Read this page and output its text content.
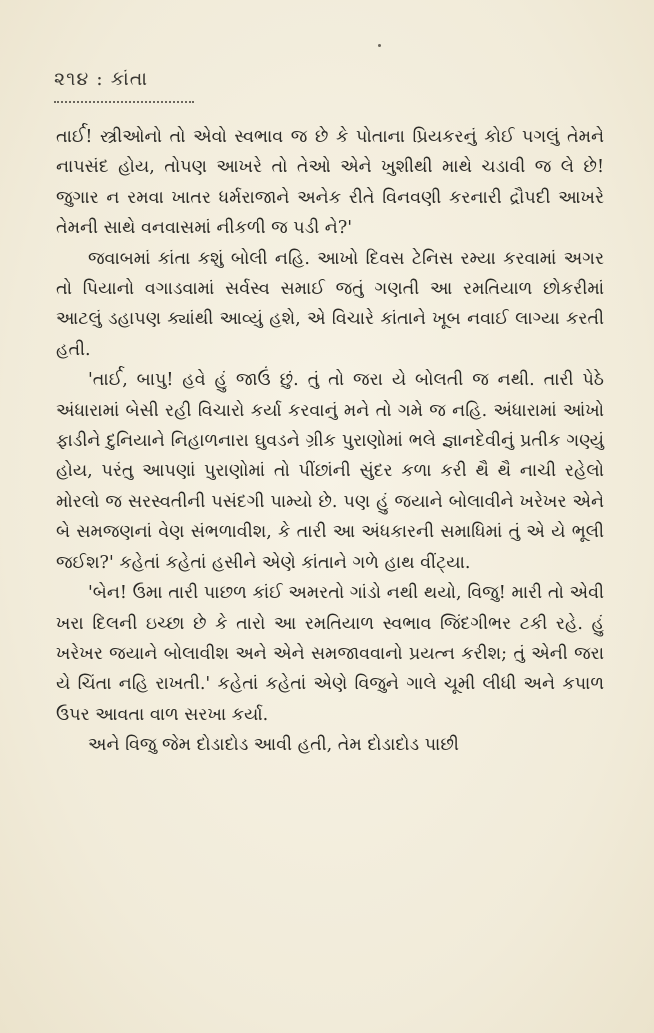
૨૧૪ : કાંતા

તાર્ઈ! સ્ત્રીઓનો તો એવો સ્વભાવ જ છે કે પોતાના પ્રિયકરનું કોઈ પગલું તેમને નાપસંદ હોય, તોપણ આખરે તો તેઓ એને ખુશીથી માથે ચડાવી જ લે છે! જુગાર ન રમવા ખાતર ધર્મરાજાને અનેક રીતે વિનવણી કરનારી દ્રૌપદી આખરે તેમની સાથે વનવાસમાં નીકળી જ પડી ને?'

જવાબમાં કાંતા કશું બોલી નહિ. આખો દિવસ ટેનિસ રમ્યા કરવામાં અગર તો પિયાનો વગાડવામાં સર્વસ્વ સમાઈ જતું ગણતી આ રમતિયાળ છોકરીમાં આટલું ડહાપણ ક્યાંથી આવ્યું હશે, એ વિચારે કાંતાને ખૂબ નવાઈ લાગ્યા કરતી હતી.

'તાર્ઈ, બાપુ! હવે હું જાઉં છું. તું તો જરા યે બોલતી જ નથી. તારી પેઠે અંધારામાં બેસી રહી વિચારો કર્યા કરવાનું મને તો ગમે જ નહિ. અંધારામાં આંખો ફાડીને દુનિયાને નિહાળનારા ઘુવડને ગ્રીક પુરાણોમાં ભલે જ્ઞાનદેવીનું પ્રતીક ગણ્યું હોય, પરંતુ આપણાં પુરાણોમાં તો પીંછાંની સુંદર કળા કરી થૈ થૈ નાચી રહેલો મોરલો જ સરસ્વતીની પસંદગી પામ્યો છે. પણ હું જયાને બોલાવીને ખરેખર એને બે સમજણનાં વેણ સંભળાવીશ, કે તારી આ અંધકારની સમાધિમાં તું એ યે ભૂલી જઈશ?' કહેતાં કહેતાં હસીને એણે કાંતાને ગળે હાથ વીંટ્યા.

'બેન! ઉમા તારી પાછળ કાંઈ અમરતો ગાંડો નથી થયો, વિજુ! મારી તો એવી ખરા દિલની ઇચ્છા છે કે તારો આ રમતિયાળ સ્વભાવ જિંદગીભર ટકી રહે. હું ખરેખર જયાને બોલાવીશ અને એને સમજાવવાનો પ્રયત્ન કરીશ; તું એની જરા યે ચિંતા નહિ રાખતી.' કહેતાં કહેતાં એણે વિજુને ગાલે ચૂમી લીધી અને કપાળ ઉપર આવતા વાળ સરખા કર્યા.

અને વિજુ જેમ દોડાદોડ આવી હતી, તેમ દોડાદોડ પાછી
